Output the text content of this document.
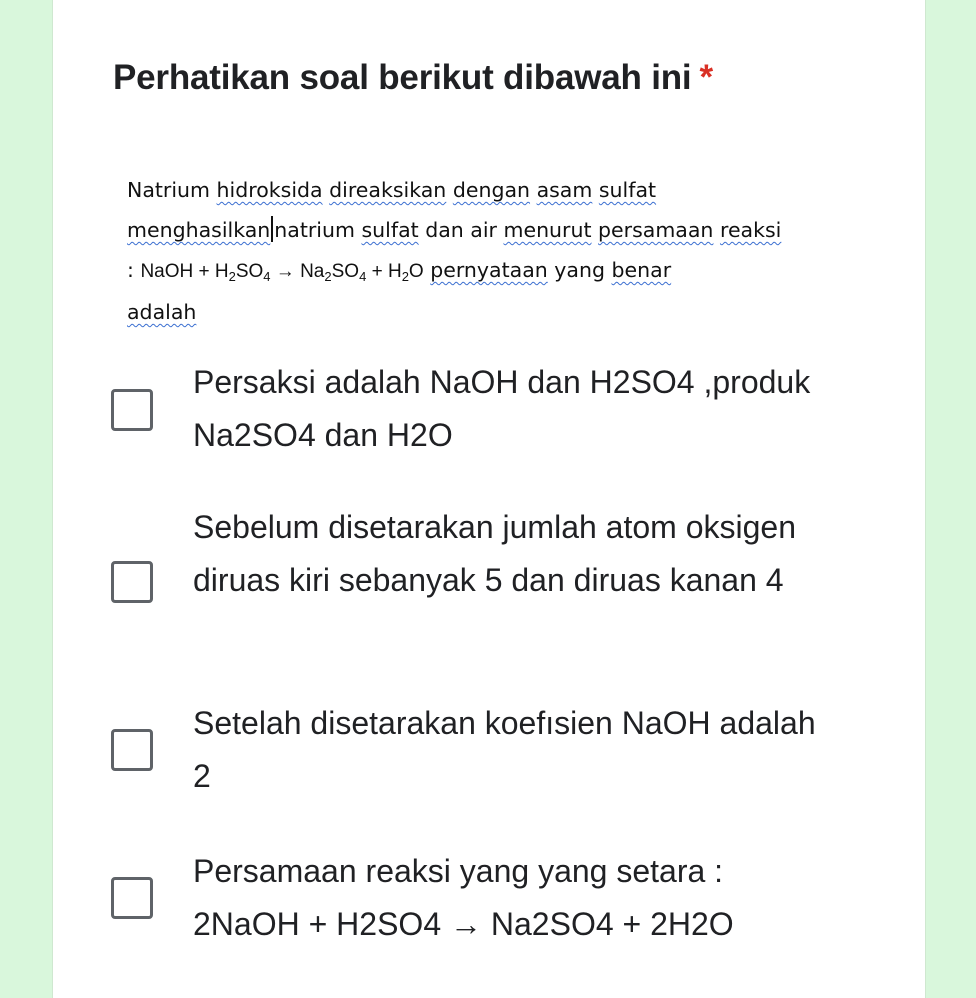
Perhatikan soal berikut dibawah ini *
Natrium hidroksida direaksikan dengan asam sulfat
menghasilkan natrium sulfat dan air menurut persamaan reaksi
: NaOH + $H_2SO_4 \to Na_2SO_4 + H_2O$ pernyataan yang benar
adalah
Persaksi adalah NaOH dan H2SO4 ,produk Na2SO4 dan H2O
Sebelum disetarakan jumlah atom oksigen diruas kiri sebanyak 5 dan diruas kanan 4
Setelah disetarakan koefısien NaOH adalah 2
Persamaan reaksi yang yang setara : 2NaOH + H2SO4 → Na2SO4 + 2H2O
